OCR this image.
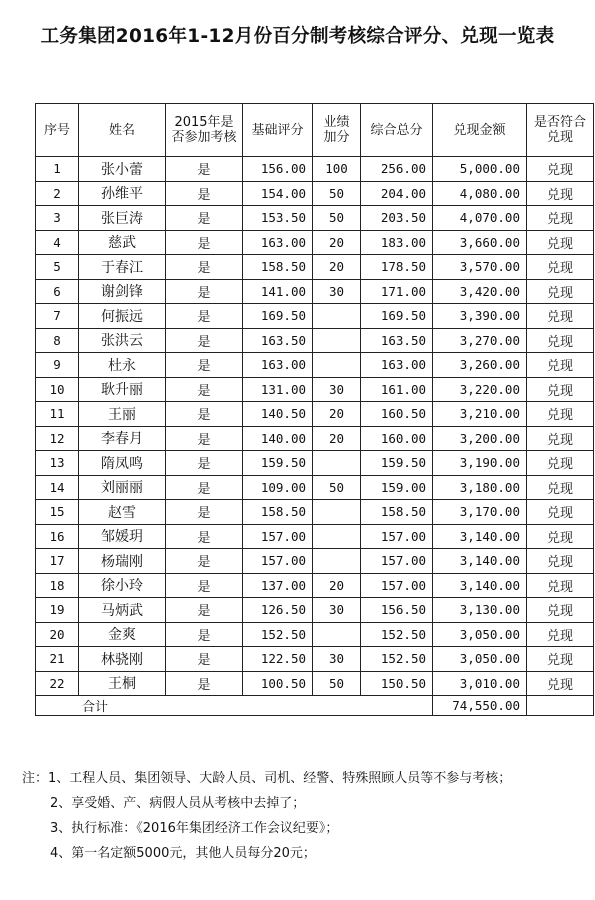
工务集团2016年1-12月份百分制考核综合评分、兑现一览表
序号	姓名	2015年是否参加考核	基础评分	业绩加分	综合总分	兑现金额	是否符合兑现
1	张小蕾	是	156.00	100	256.00	5,000.00	兑现
2	孙维平	是	154.00	50	204.00	4,080.00	兑现
3	张巨涛	是	153.50	50	203.50	4,070.00	兑现
4	慈武	是	163.00	20	183.00	3,660.00	兑现
5	于春江	是	158.50	20	178.50	3,570.00	兑现
6	谢剑锋	是	141.00	30	171.00	3,420.00	兑现
7	何振远	是	169.50		169.50	3,390.00	兑现
8	张洪云	是	163.50		163.50	3,270.00	兑现
9	杜永	是	163.00		163.00	3,260.00	兑现
10	耿升丽	是	131.00	30	161.00	3,220.00	兑现
11	王丽	是	140.50	20	160.50	3,210.00	兑现
12	李春月	是	140.00	20	160.00	3,200.00	兑现
13	隋凤鸣	是	159.50		159.50	3,190.00	兑现
14	刘丽丽	是	109.00	50	159.00	3,180.00	兑现
15	赵雪	是	158.50		158.50	3,170.00	兑现
16	邹媛玥	是	157.00		157.00	3,140.00	兑现
17	杨瑞刚	是	157.00		157.00	3,140.00	兑现
18	徐小玲	是	137.00	20	157.00	3,140.00	兑现
19	马炳武	是	126.50	30	156.50	3,130.00	兑现
20	金爽	是	152.50		152.50	3,050.00	兑现
21	林骁刚	是	122.50	30	152.50	3,050.00	兑现
22	王桐	是	100.50	50	150.50	3,010.00	兑现
合计						74,550.00	
注：1、工程人员、集团领导、大龄人员、司机、经警、特殊照顾人员等不参与考核；
2、享受婚、产、病假人员从考核中去掉了；
3、执行标准：《2016年集团经济工作会议纪要》；
4、第一名定额5000元，其他人员每分20元；
